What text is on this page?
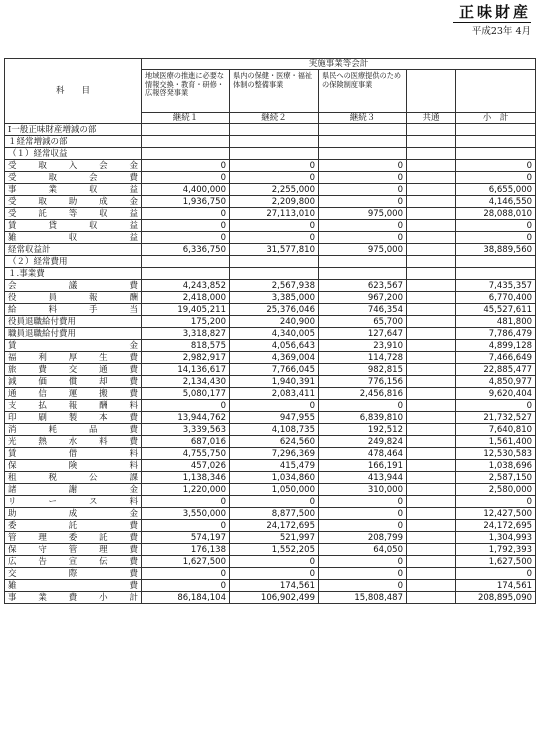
正味財産
平成23年 4月
科　　目	実施事業等会計				
	地域医療の推進に必要な情報交換・教育・研修・広報啓発事業	県内の保健・医療・福祉体制の整備事業	県民への医療提供のための保険制度事業		
	継続１	継続２	継続３	共通	小　計
Ⅰ一般正味財産増減の部					
１経常増減の部					
（１）経常収益					

受 取 入 会 金	0	0	0		0

受 取 会 費	0	0	0		0

事 業 収 益	4,400,000	2,255,000	0		6,655,000

受 取 助 成 金	1,936,750	2,209,800	0		4,146,550

受 託 等 収 益	0	27,113,010	975,000		28,088,010

賃 貸 収 益	0	0	0		0

雑 収 益	0	0	0		0
経常収益計	6,336,750	31,577,810	975,000		38,889,560
（２）経常費用					
１.事業費					

会 議 費	4,243,852	2,567,938	623,567		7,435,357

役 員 報 酬	2,418,000	3,385,000	967,200		6,770,400

給 料 手 当	19,405,211	25,376,046	746,354		45,527,611
役員退職給付費用	175,200	240,900	65,700		481,800
職員退職給付費用	3,318,827	4,340,005	127,647		7,786,479

賃 金	818,575	4,056,643	23,910		4,899,128

福 利 厚 生 費	2,982,917	4,369,004	114,728		7,466,649

旅 費 交 通 費	14,136,617	7,766,045	982,815		22,885,477

減 価 償 却 費	2,134,430	1,940,391	776,156		4,850,977

通 信 運 搬 費	5,080,177	2,083,411	2,456,816		9,620,404

支 払 報 酬 料	0	0	0		0

印 刷 製 本 費	13,944,762	947,955	6,839,810		21,732,527

消 耗 品 費	3,339,563	4,108,735	192,512		7,640,810

光 熱 水 料 費	687,016	624,560	249,824		1,561,400

賃 借 料	4,755,750	7,296,369	478,464		12,530,583

保 険 料	457,026	415,479	166,191		1,038,696

租 税 公 課	1,138,346	1,034,860	413,944		2,587,150

諸 謝 金	1,220,000	1,050,000	310,000		2,580,000

リ ー ス 料	0	0	0		0

助 成 金	3,550,000	8,877,500	0		12,427,500

委 託 費	0	24,172,695	0		24,172,695

管 理 委 託 費	574,197	521,997	208,799		1,304,993

保 守 管 理 費	176,138	1,552,205	64,050		1,792,393

広 告 宣 伝 費	1,627,500	0	0		1,627,500

交 際 費	0	0	0		0

雑 費	0	174,561	0		174,561

事 業 費 小 計	86,184,104	106,902,499	15,808,487		208,895,090
